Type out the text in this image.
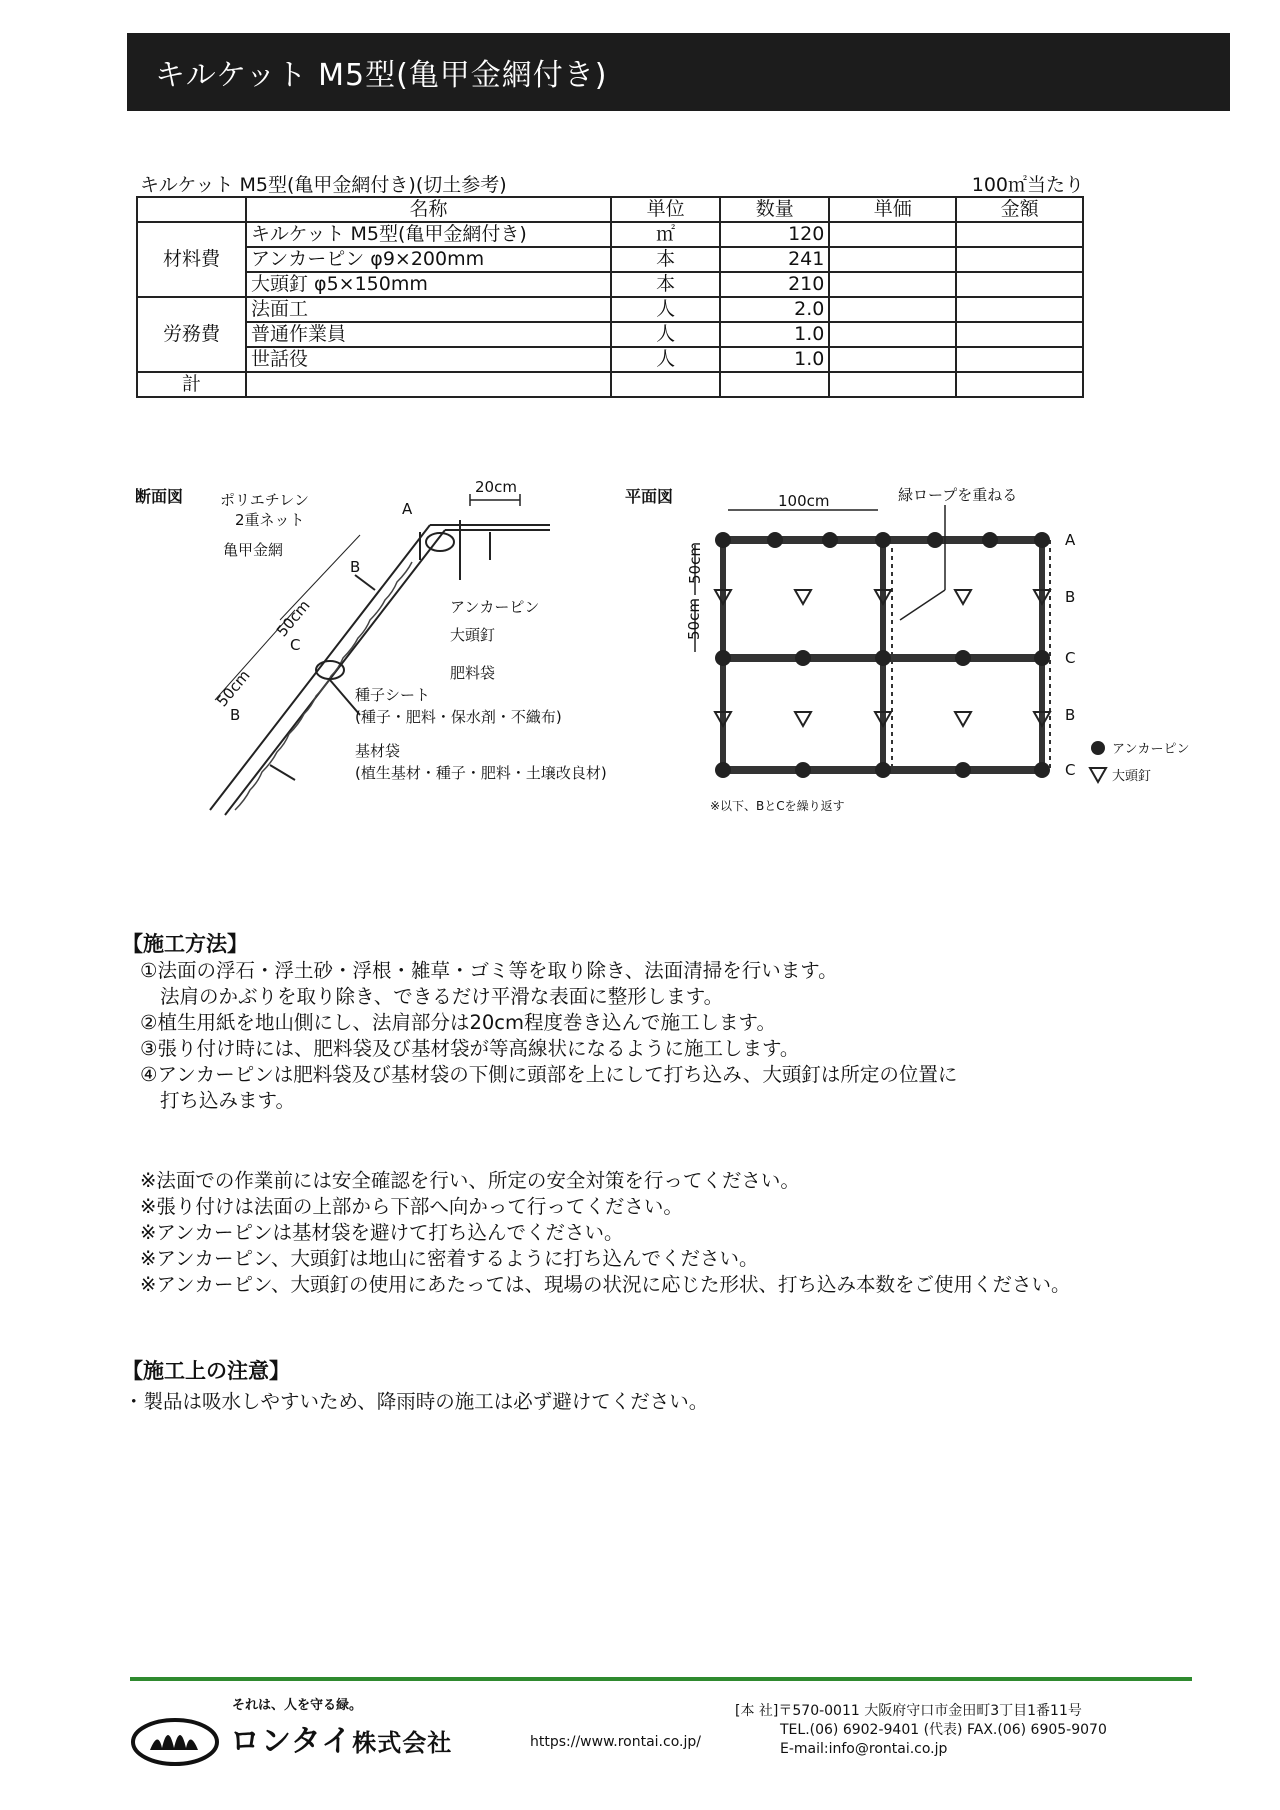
キルケット M5型(亀甲金網付き)
キルケット M5型(亀甲金網付き)(切土参考)	100㎡当たり
	名称	単位	数量	単価	金額
材料費	キルケット M5型(亀甲金網付き)	㎡	120		
	アンカーピン φ9×200mm	本	241		
	大頭釘 φ5×150mm	本	210		
労務費	法面工	人	2.0		
	普通作業員	人	1.0		
	世話役	人	1.0		
計					
断面図 ポリエチレン
2重ネット
亀甲金網
20cm
A
B
C
B
50cm
50cm
アンカーピン
大頭釘
肥料袋
種子シート
(種子・肥料・保水剤・不織布)
基材袋
(植生基材・種子・肥料・土壌改良材)
平面図	100cm	緑ロープを重ねる
50cm
50cm
A
B
C
B
C
アンカーピン
大頭釘
※以下、BとCを繰り返す
【施工方法】
①法面の浮石・浮土砂・浮根・雑草・ゴミ等を取り除き、法面清掃を行います。
法肩のかぶりを取り除き、できるだけ平滑な表面に整形します。
②植生用紙を地山側にし、法肩部分は20cm程度巻き込んで施工します。
③張り付け時には、肥料袋及び基材袋が等高線状になるように施工します。
④アンカーピンは肥料袋及び基材袋の下側に頭部を上にして打ち込み、大頭釘は所定の位置に
打ち込みます。
※法面での作業前には安全確認を行い、所定の安全対策を行ってください。
※張り付けは法面の上部から下部へ向かって行ってください。
※アンカーピンは基材袋を避けて打ち込んでください。
※アンカーピン、大頭釘は地山に密着するように打ち込んでください。
※アンカーピン、大頭釘の使用にあたっては、現場の状況に応じた形状、打ち込み本数をご使用ください。
【施工上の注意】
・製品は吸水しやすいため、降雨時の施工は必ず避けてください。
それは、人を守る緑。
ロンタイ株式会社	https://www.rontai.co.jp/
[本 社]〒570-0011 大阪府守口市金田町3丁目1番11号
TEL.(06) 6902-9401 (代表) FAX.(06) 6905-9070
E-mail:info@rontai.co.jp
